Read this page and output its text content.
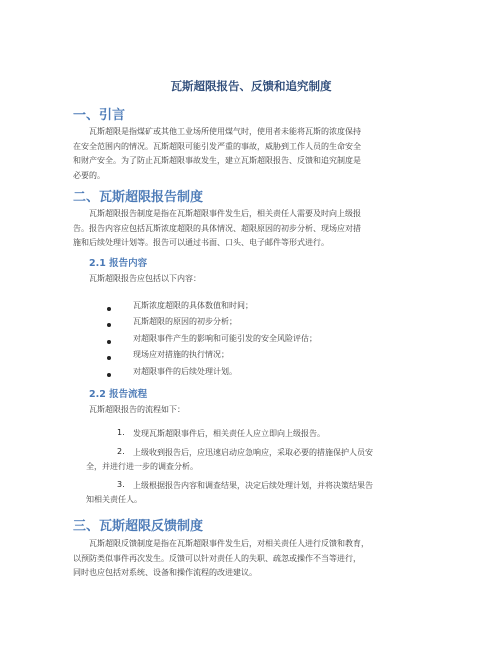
瓦斯超限报告、反馈和追究制度
一、引言
瓦斯超限是指煤矿或其他工业场所使用煤气时，使用者未能将瓦斯的浓度保持
在安全范围内的情况。瓦斯超限可能引发严重的事故，威胁到工作人员的生命安全
和财产安全。为了防止瓦斯超限事故发生，建立瓦斯超限报告、反馈和追究制度是
必要的。
二、瓦斯超限报告制度
瓦斯超限报告制度是指在瓦斯超限事件发生后，相关责任人需要及时向上级报
告。报告内容应包括瓦斯浓度超限的具体情况、超限原因的初步分析、现场应对措
施和后续处理计划等。报告可以通过书面、口头、电子邮件等形式进行。
2.1 报告内容
瓦斯超限报告应包括以下内容：
瓦斯浓度超限的具体数值和时间；
瓦斯超限的原因的初步分析；
对超限事件产生的影响和可能引发的安全风险评估；
现场应对措施的执行情况；
对超限事件的后续处理计划。
2.2 报告流程
瓦斯超限报告的流程如下：
1. 发现瓦斯超限事件后，相关责任人应立即向上级报告。
2. 上级收到报告后，应迅速启动应急响应，采取必要的措施保护人员安
全，并进行进一步的调查分析。
3. 上级根据报告内容和调查结果，决定后续处理计划，并将决策结果告
知相关责任人。
三、瓦斯超限反馈制度
瓦斯超限反馈制度是指在瓦斯超限事件发生后，对相关责任人进行反馈和教育，
以预防类似事件再次发生。反馈可以针对责任人的失职、疏忽或操作不当等进行，
同时也应包括对系统、设备和操作流程的改进建议。
